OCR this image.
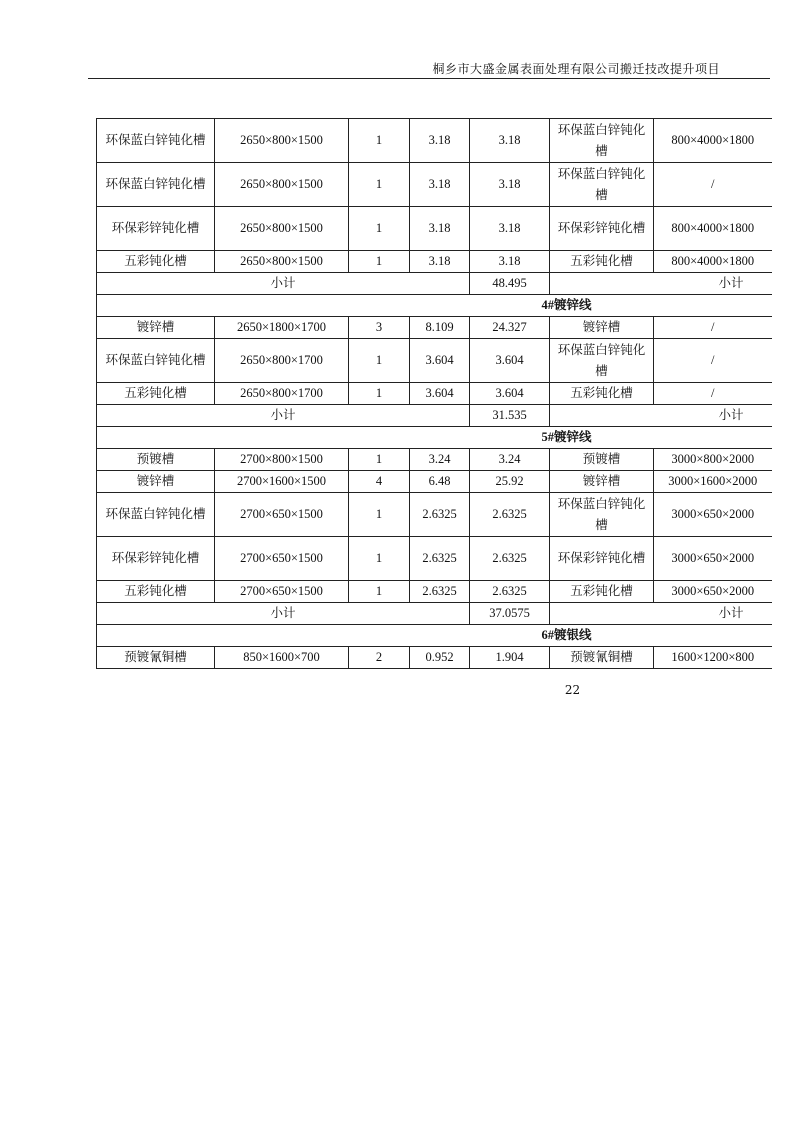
桐乡市大盛金属表面处理有限公司搬迁技改提升项目
环保蓝白锌钝化槽	2650×800×1500	1	3.18	3.18	环保蓝白锌钝化槽	800×4000×1800
环保蓝白锌钝化槽	2650×800×1500	1	3.18	3.18	环保蓝白锌钝化槽	/
环保彩锌钝化槽	2650×800×1500	1	3.18	3.18	环保彩锌钝化槽	800×4000×1800
五彩钝化槽	2650×800×1500	1	3.18	3.18	五彩钝化槽	800×4000×1800
小计				48.495	小计	
4#镀锌线						
镀锌槽	2650×1800×1700	3	8.109	24.327	镀锌槽	/
环保蓝白锌钝化槽	2650×800×1700	1	3.604	3.604	环保蓝白锌钝化槽	/
五彩钝化槽	2650×800×1700	1	3.604	3.604	五彩钝化槽	/
小计				31.535	小计	
5#镀锌线						
预镀槽	2700×800×1500	1	3.24	3.24	预镀槽	3000×800×2000
镀锌槽	2700×1600×1500	4	6.48	25.92	镀锌槽	3000×1600×2000
环保蓝白锌钝化槽	2700×650×1500	1	2.6325	2.6325	环保蓝白锌钝化槽	3000×650×2000
环保彩锌钝化槽	2700×650×1500	1	2.6325	2.6325	环保彩锌钝化槽	3000×650×2000
五彩钝化槽	2700×650×1500	1	2.6325	2.6325	五彩钝化槽	3000×650×2000
小计				37.0575	小计	
6#镀银线						
预镀氰铜槽	850×1600×700	2	0.952	1.904	预镀氰铜槽	1600×1200×800
22
